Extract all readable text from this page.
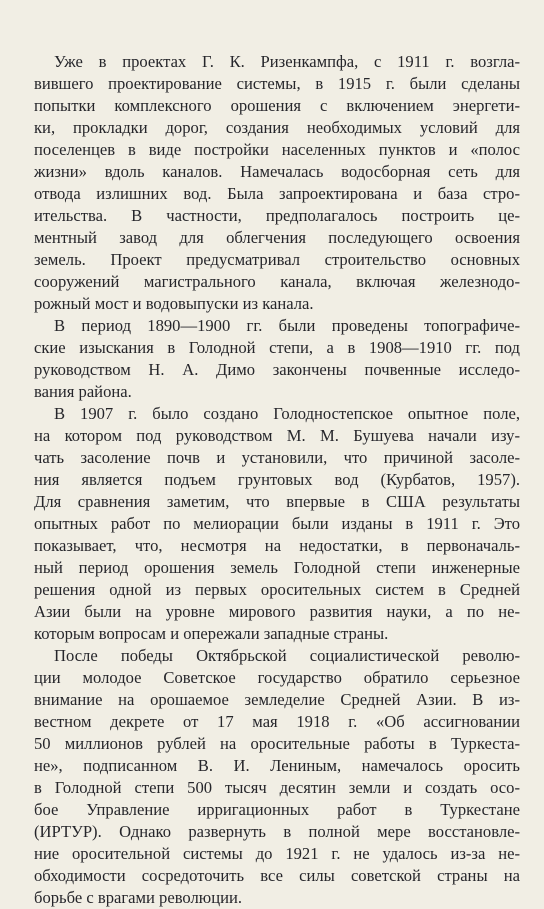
Уже в проектах Г. К. Ризенкампфа, с 1911 г. возгла-
вившего проектирование системы, в 1915 г. были сделаны
попытки комплексного орошения с включением энергети-
ки, прокладки дорог, создания необходимых условий для
поселенцев в виде постройки населенных пунктов и «полос
жизни» вдоль каналов. Намечалась водосборная сеть для
отвода излишних вод. Была запроектирована и база стро-
ительства. В частности, предполагалось построить це-
ментный завод для облегчения последующего освоения
земель. Проект предусматривал строительство основных
сооружений магистрального канала, включая железнодо-
рожный мост и водовыпуски из канала.
В период 1890—1900 гг. были проведены топографиче-
ские изыскания в Голодной степи, а в 1908—1910 гг. под
руководством Н. А. Димо закончены почвенные исследо-
вания района.
В 1907 г. было создано Голодностепское опытное поле,
на котором под руководством М. М. Бушуева начали изу-
чать засоление почв и установили, что причиной засоле-
ния является подъем грунтовых вод (Курбатов, 1957).
Для сравнения заметим, что впервые в США результаты
опытных работ по мелиорации были изданы в 1911 г. Это
показывает, что, несмотря на недостатки, в первоначаль-
ный период орошения земель Голодной степи инженерные
решения одной из первых оросительных систем в Средней
Азии были на уровне мирового развития науки, а по не-
которым вопросам и опережали западные страны.
После победы Октябрьской социалистической револю-
ции молодое Советское государство обратило серьезное
внимание на орошаемое земледелие Средней Азии. В из-
вестном декрете от 17 мая 1918 г. «Об ассигновании
50 миллионов рублей на оросительные работы в Туркеста-
не», подписанном В. И. Лениным, намечалось оросить
в Голодной степи 500 тысяч десятин земли и создать осо-
бое Управление ирригационных работ в Туркестане
(ИРТУР). Однако развернуть в полной мере восстановле-
ние оросительной системы до 1921 г. не удалось из-за не-
обходимости сосредоточить все силы советской страны на
борьбе с врагами революции.
